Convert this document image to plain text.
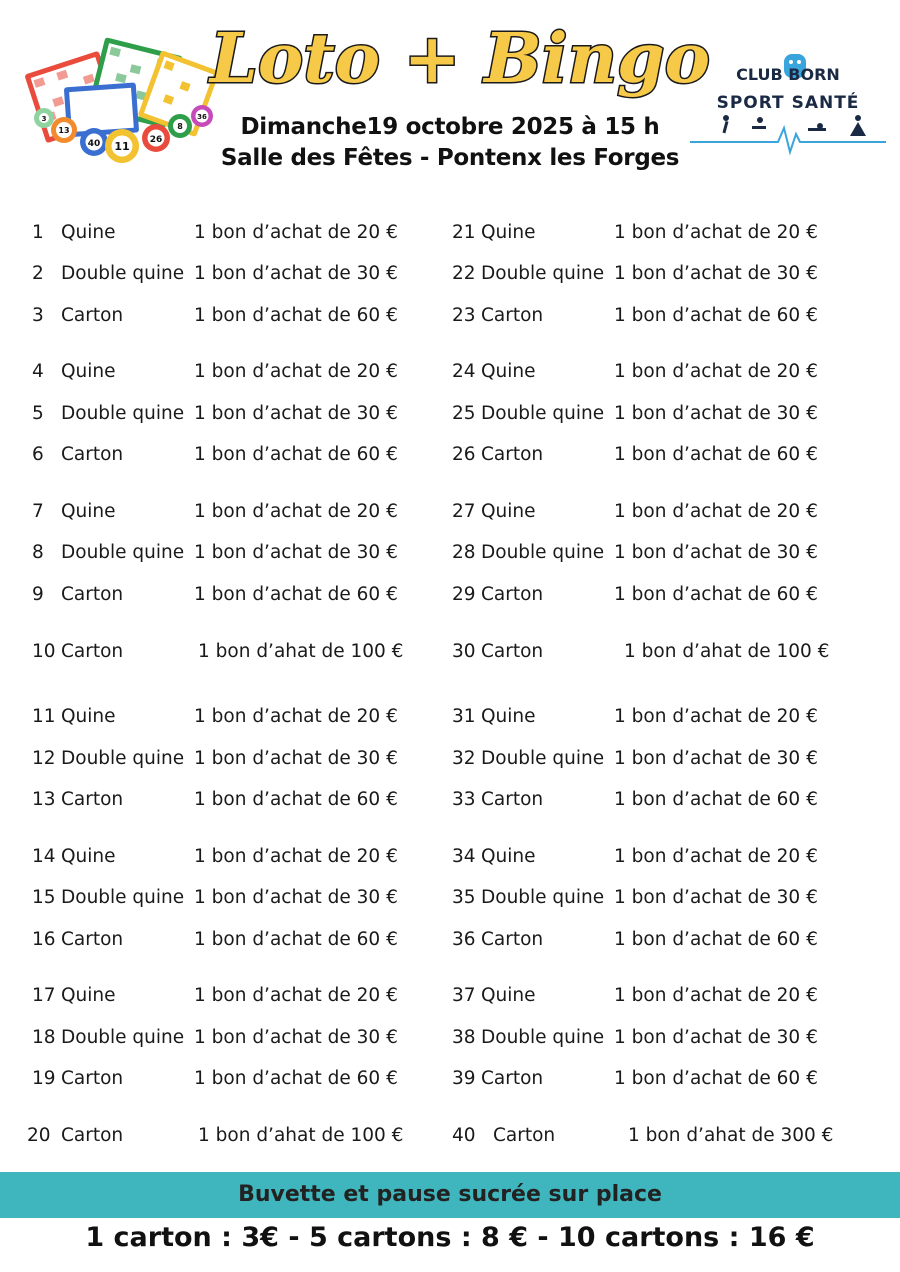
3
13
40 11 26
8
36
Loto + Bingo
Dimanche19 octobre 2025 à 15 h
Salle des Fêtes - Pontenx les Forges
CLUB BORN
SPORT SANTÉ
1 Quine	1 bon d’achat de 20 €
2 Double quine 1 bon d’achat de 30 €
3 Carton	1 bon d’achat de 60 €
4 Quine	1 bon d’achat de 20 €
5 Double quine 1 bon d’achat de 30 €
6 Carton	1 bon d’achat de 60 €
7 Quine	1 bon d’achat de 20 €
8 Double quine 1 bon d’achat de 30 €
9 Carton	1 bon d’achat de 60 €
10 Carton	1 bon d’ahat de 100 €
11 Quine	1 bon d’achat de 20 €
12 Double quine 1 bon d’achat de 30 €
13 Carton	1 bon d’achat de 60 €
14 Quine	1 bon d’achat de 20 €
15 Double quine 1 bon d’achat de 30 €
16 Carton	1 bon d’achat de 60 €
17 Quine	1 bon d’achat de 20 €
18 Double quine 1 bon d’achat de 30 €
19 Carton	1 bon d’achat de 60 €
20 Carton	1 bon d’ahat de 100 €
21 Quine	1 bon d’achat de 20 €
22 Double quine 1 bon d’achat de 30 €
23 Carton	1 bon d’achat de 60 €
24 Quine	1 bon d’achat de 20 €
25 Double quine 1 bon d’achat de 30 €
26 Carton	1 bon d’achat de 60 €
27 Quine	1 bon d’achat de 20 €
28 Double quine 1 bon d’achat de 30 €
29 Carton	1 bon d’achat de 60 €
30 Carton	1 bon d’ahat de 100 €
31 Quine	1 bon d’achat de 20 €
32 Double quine 1 bon d’achat de 30 €
33 Carton	1 bon d’achat de 60 €
34 Quine	1 bon d’achat de 20 €
35 Double quine 1 bon d’achat de 30 €
36 Carton	1 bon d’achat de 60 €
37 Quine	1 bon d’achat de 20 €
38 Double quine 1 bon d’achat de 30 €
39 Carton	1 bon d’achat de 60 €
40 Carton	1 bon d’ahat de 300 €
Buvette et pause sucrée sur place
1 carton : 3€ - 5 cartons : 8 € - 10 cartons : 16 €
